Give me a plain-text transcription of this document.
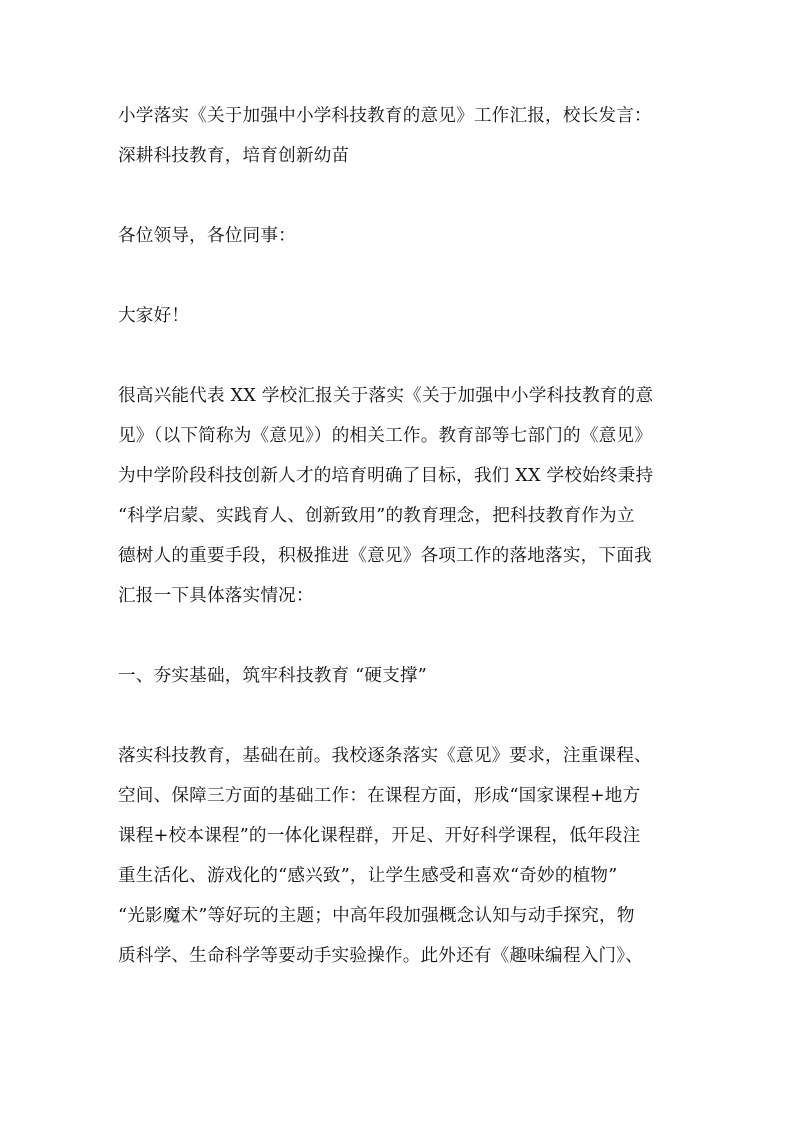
小学落实《关于加强中小学科技教育的意见》工作汇报，校长发言：
深耕科技教育，培育创新幼苗
各位领导，各位同事：
大家好！
很高兴能代表 XX 学校汇报关于落实《关于加强中小学科技教育的意
见》（以下简称为《意见》）的相关工作。教育部等七部门的《意见》
为中学阶段科技创新人才的培育明确了目标，我们 XX 学校始终秉持
“科学启蒙、实践育人、创新致用”的教育理念，把科技教育作为立
德树人的重要手段，积极推进《意见》各项工作的落地落实，下面我
汇报一下具体落实情况：
一、夯实基础，筑牢科技教育 “硬支撑”
落实科技教育，基础在前。我校逐条落实《意见》要求，注重课程、
空间、保障三方面的基础工作：在课程方面，形成“国家课程+地方
课程+校本课程”的一体化课程群，开足、开好科学课程，低年段注
重生活化、游戏化的“感兴致”，让学生感受和喜欢“奇妙的植物”
“光影魔术”等好玩的主题；中高年段加强概念认知与动手探究，物
质科学、生命科学等要动手实验操作。此外还有《趣味编程入门》、
